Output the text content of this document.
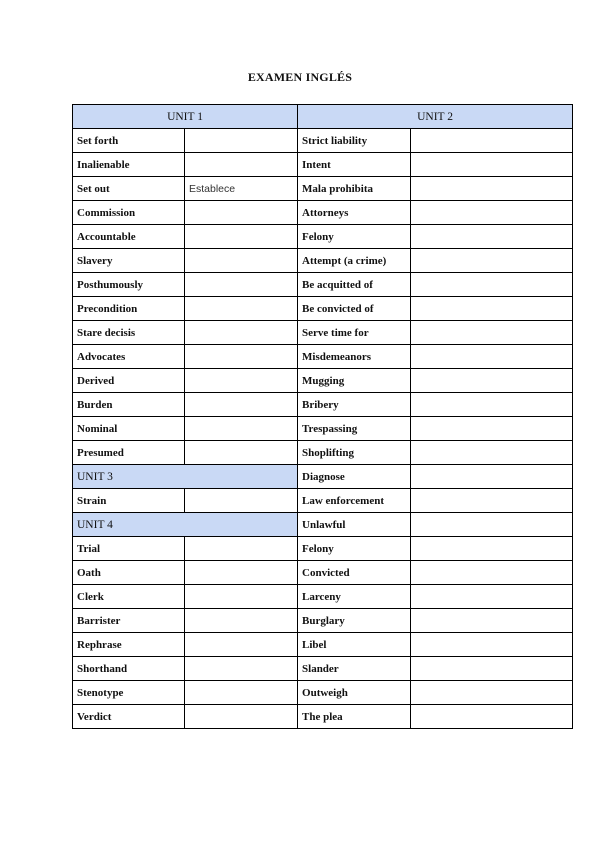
EXAMEN INGLÉS
UNIT 1		UNIT 2	
Set forth		Strict liability	
Inalienable		Intent	
Set out	Establece	Mala prohibita	
Commission		Attorneys	
Accountable		Felony	
Slavery		Attempt (a crime)	
Posthumously		Be acquitted of	
Precondition		Be convicted of	
Stare decisis		Serve time for	
Advocates		Misdemeanors	
Derived		Mugging	
Burden		Bribery	
Nominal		Trespassing	
Presumed		Shoplifting	
UNIT 3		Diagnose	
Strain		Law enforcement	
UNIT 4		Unlawful	
Trial		Felony	
Oath		Convicted	
Clerk		Larceny	
Barrister		Burglary	
Rephrase		Libel	
Shorthand		Slander	
Stenotype		Outweigh	
Verdict		The plea	
